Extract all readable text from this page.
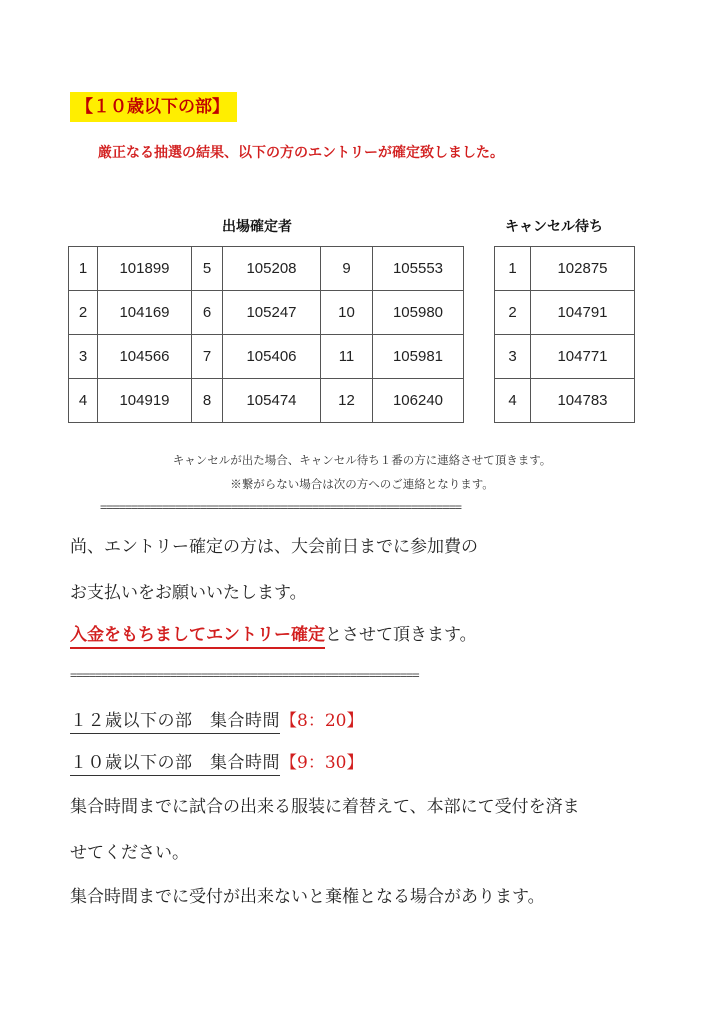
【１０歳以下の部】
厳正なる抽選の結果、以下の方のエントリーが確定致しました。
出場確定者	キャンセル待ち
1	101899	5	105208	9	105553
2	104169	6	105247	10	105980
3	104566	7	105406	11	105981
4	104919	8	105474	12	106240
1	102875
2	104791
3	104771
4	104783
キャンセルが出た場合、キャンセル待ち１番の方に連絡させて頂きます。
※繋がらない場合は次の方へのご連絡となります。
==========================================================
尚、エントリー確定の方は、大会前日までに参加費の
お支払いをお願いいたします。
入金をもちましてエントリー確定とさせて頂きます。
========================================================
１２歳以下の部　集合時間【8：20】
１０歳以下の部　集合時間【9：30】
集合時間までに試合の出来る服装に着替えて、本部にて受付を済ま
せてください。
集合時間までに受付が出来ないと棄権となる場合があります。
